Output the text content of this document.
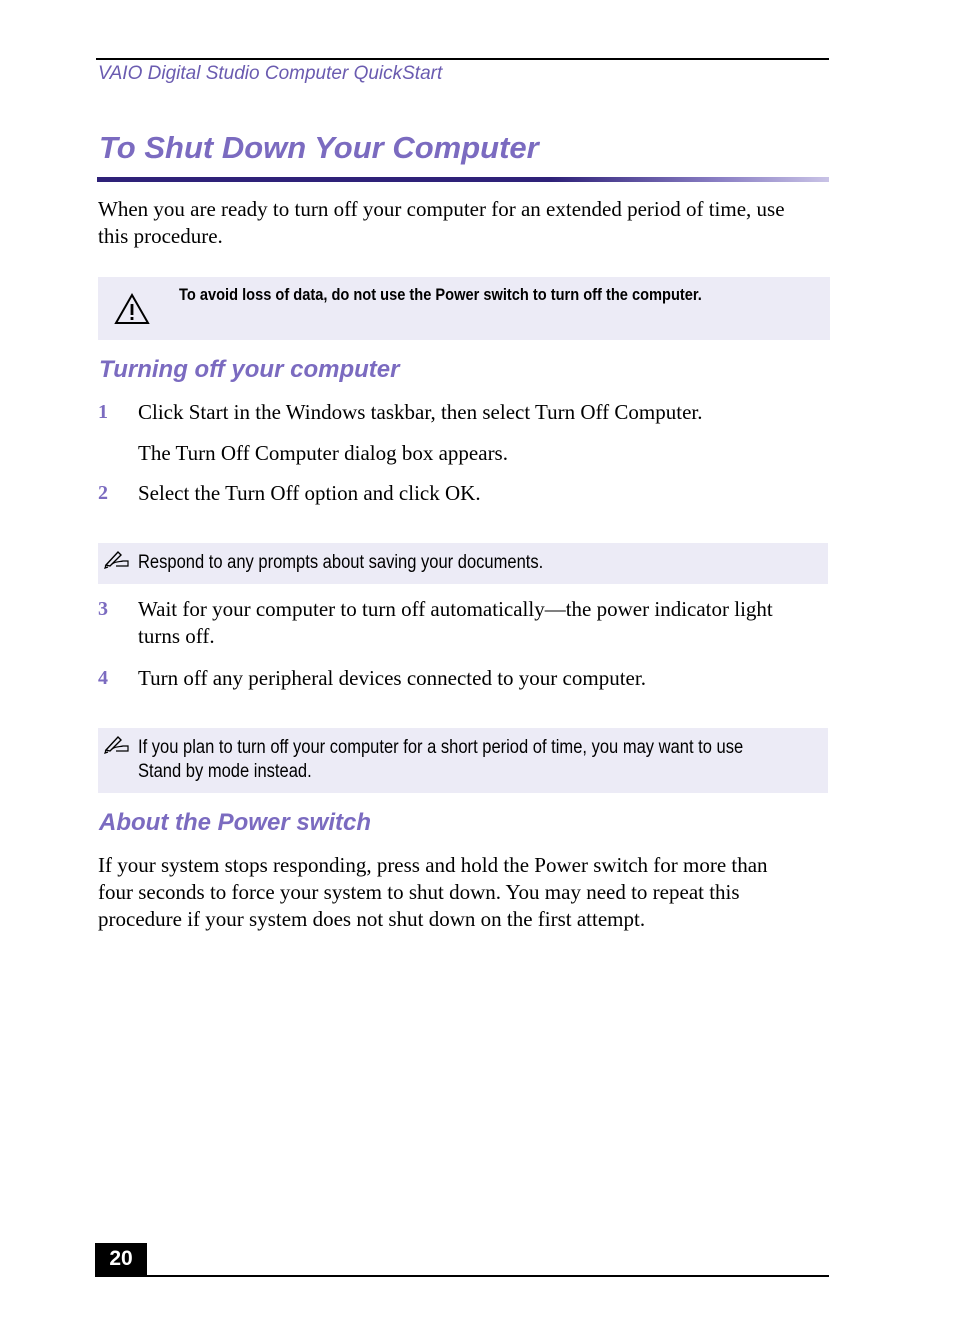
VAIO Digital Studio Computer QuickStart
To Shut Down Your Computer

When you are ready to turn off your computer for an extended period of time, use

this procedure.

To avoid loss of data, do not use the Power switch to turn off the computer.
Turning off your computer
1 Click Start in the Windows taskbar, then select Turn Off Computer.

The Turn Off Computer dialog box appears.

2 Select the Turn Off option and click OK.

Respond to any prompts about saving your documents.
3 Wait for your computer to turn off automatically—the power indicator light

turns off.

4 Turn off any peripheral devices connected to your computer.

If you plan to turn off your computer for a short period of time, you may want to use
Stand by mode instead.
About the Power switch

If your system stops responding, press and hold the Power switch for more than

four seconds to force your system to shut down. You may need to repeat this

procedure if your system does not shut down on the first attempt.

20
